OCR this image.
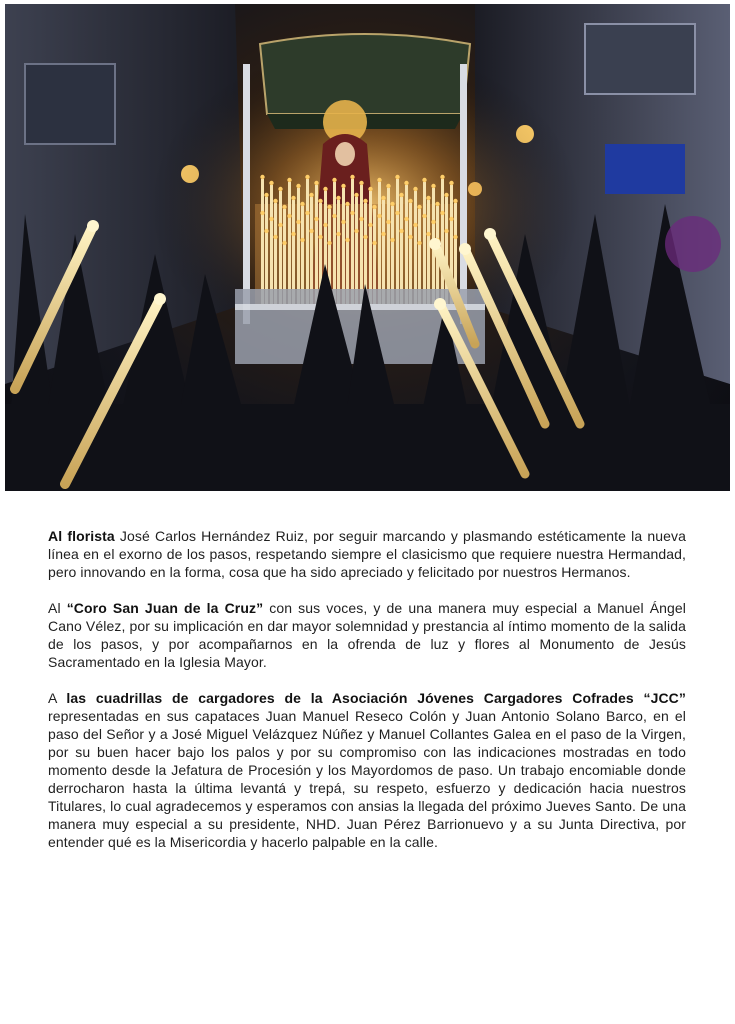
Al florista José Carlos Hernández Ruiz, por seguir marcando y plasmando estéticamente la nueva línea en el exorno de los pasos, respetando siempre el clasicismo que requiere nuestra Hermandad, pero innovando en la forma, cosa que ha sido apreciado y felicitado por nuestros Hermanos.

Al “Coro San Juan de la Cruz” con sus voces, y de una manera muy especial a Manuel Ángel Cano Vélez, por su implicación en dar mayor solemnidad y prestancia al íntimo momento de la salida de los pasos, y por acompañarnos en la ofrenda de luz y flores al Monumento de Jesús Sacramentado en la Iglesia Mayor.

A las cuadrillas de cargadores de la Asociación Jóvenes Cargadores Cofrades “JCC” representadas en sus capataces Juan Manuel Reseco Colón y Juan Antonio Solano Barco, en el paso del Señor y a José Miguel Velázquez Núñez y Manuel Collantes Galea en el paso de la Virgen, por su buen hacer bajo los palos y por su compromiso con las indicaciones mostradas en todo momento desde la Jefatura de Procesión y los Mayordomos de paso. Un trabajo encomiable donde derrocharon hasta la última levantá y trepá, su respeto, esfuerzo y dedicación hacia nuestros Titulares, lo cual agradecemos y esperamos con ansias la llegada del próximo Jueves Santo. De una manera muy especial a su presidente, NHD. Juan Pérez Barrionuevo y a su Junta Directiva, por entender qué es la Misericordia y hacerlo palpable en la calle.
